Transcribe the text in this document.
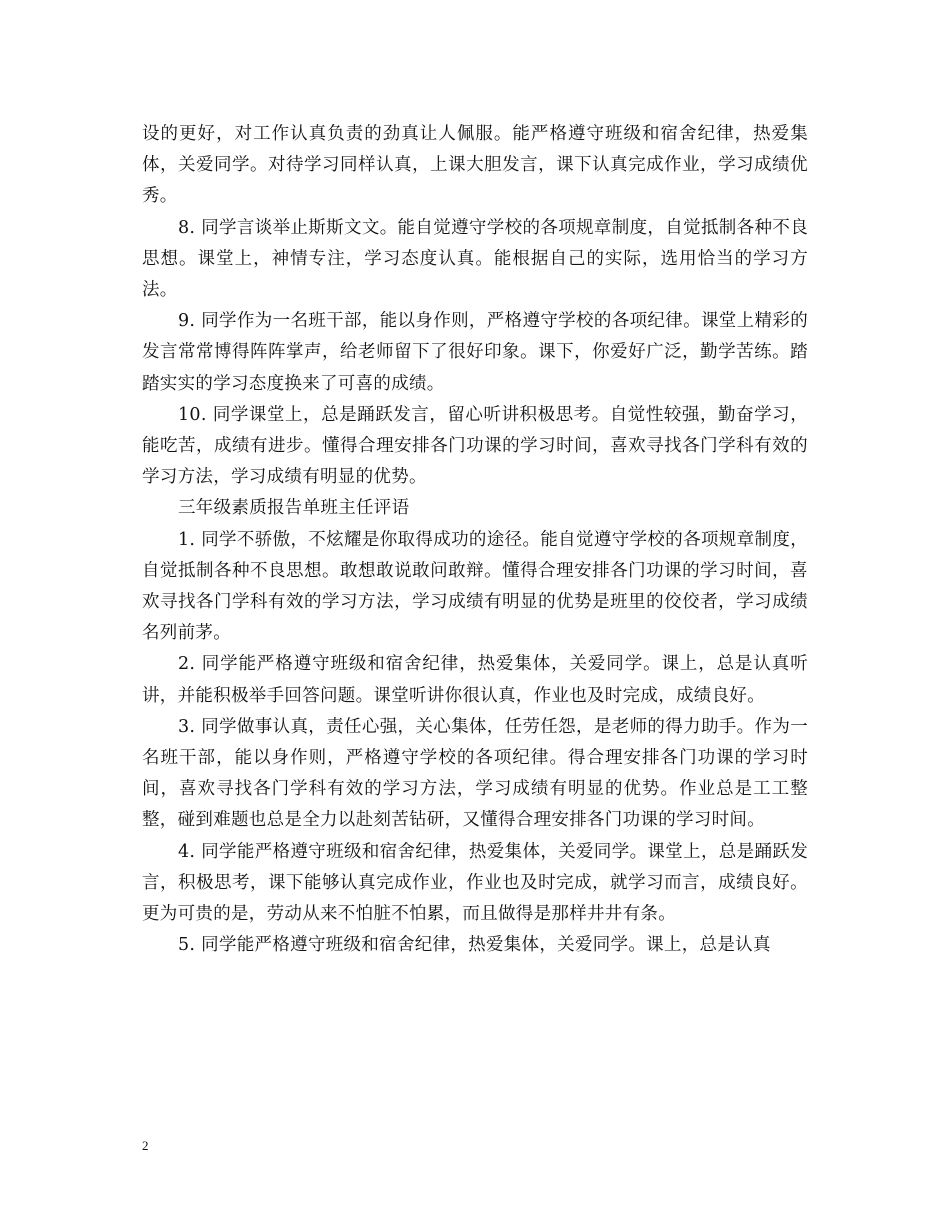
设的更好，对工作认真负责的劲真让人佩服。能严格遵守班级和宿舍纪律，热爱集体，关爱同学。对待学习同样认真，上课大胆发言，课下认真完成作业，学习成绩优秀。

8. 同学言谈举止斯斯文文。能自觉遵守学校的各项规章制度，自觉抵制各种不良思想。课堂上，神情专注，学习态度认真。能根据自己的实际，选用恰当的学习方法。

9. 同学作为一名班干部，能以身作则，严格遵守学校的各项纪律。课堂上精彩的发言常常博得阵阵掌声，给老师留下了很好印象。课下，你爱好广泛，勤学苦练。踏踏实实的学习态度换来了可喜的成绩。

10. 同学课堂上，总是踊跃发言，留心听讲积极思考。自觉性较强，勤奋学习，能吃苦，成绩有进步。懂得合理安排各门功课的学习时间，喜欢寻找各门学科有效的学习方法，学习成绩有明显的优势。

三年级素质报告单班主任评语

1. 同学不骄傲，不炫耀是你取得成功的途径。能自觉遵守学校的各项规章制度，自觉抵制各种不良思想。敢想敢说敢问敢辩。懂得合理安排各门功课的学习时间，喜欢寻找各门学科有效的学习方法，学习成绩有明显的优势是班里的佼佼者，学习成绩名列前茅。

2. 同学能严格遵守班级和宿舍纪律，热爱集体，关爱同学。课上，总是认真听讲，并能积极举手回答问题。课堂听讲你很认真，作业也及时完成，成绩良好。

3. 同学做事认真，责任心强，关心集体，任劳任怨，是老师的得力助手。作为一名班干部，能以身作则，严格遵守学校的各项纪律。得合理安排各门功课的学习时间，喜欢寻找各门学科有效的学习方法，学习成绩有明显的优势。作业总是工工整整，碰到难题也总是全力以赴刻苦钻研，又懂得合理安排各门功课的学习时间。

4. 同学能严格遵守班级和宿舍纪律，热爱集体，关爱同学。课堂上，总是踊跃发言，积极思考，课下能够认真完成作业，作业也及时完成，就学习而言，成绩良好。更为可贵的是，劳动从来不怕脏不怕累，而且做得是那样井井有条。

5. 同学能严格遵守班级和宿舍纪律，热爱集体，关爱同学。课上，总是认真

2
